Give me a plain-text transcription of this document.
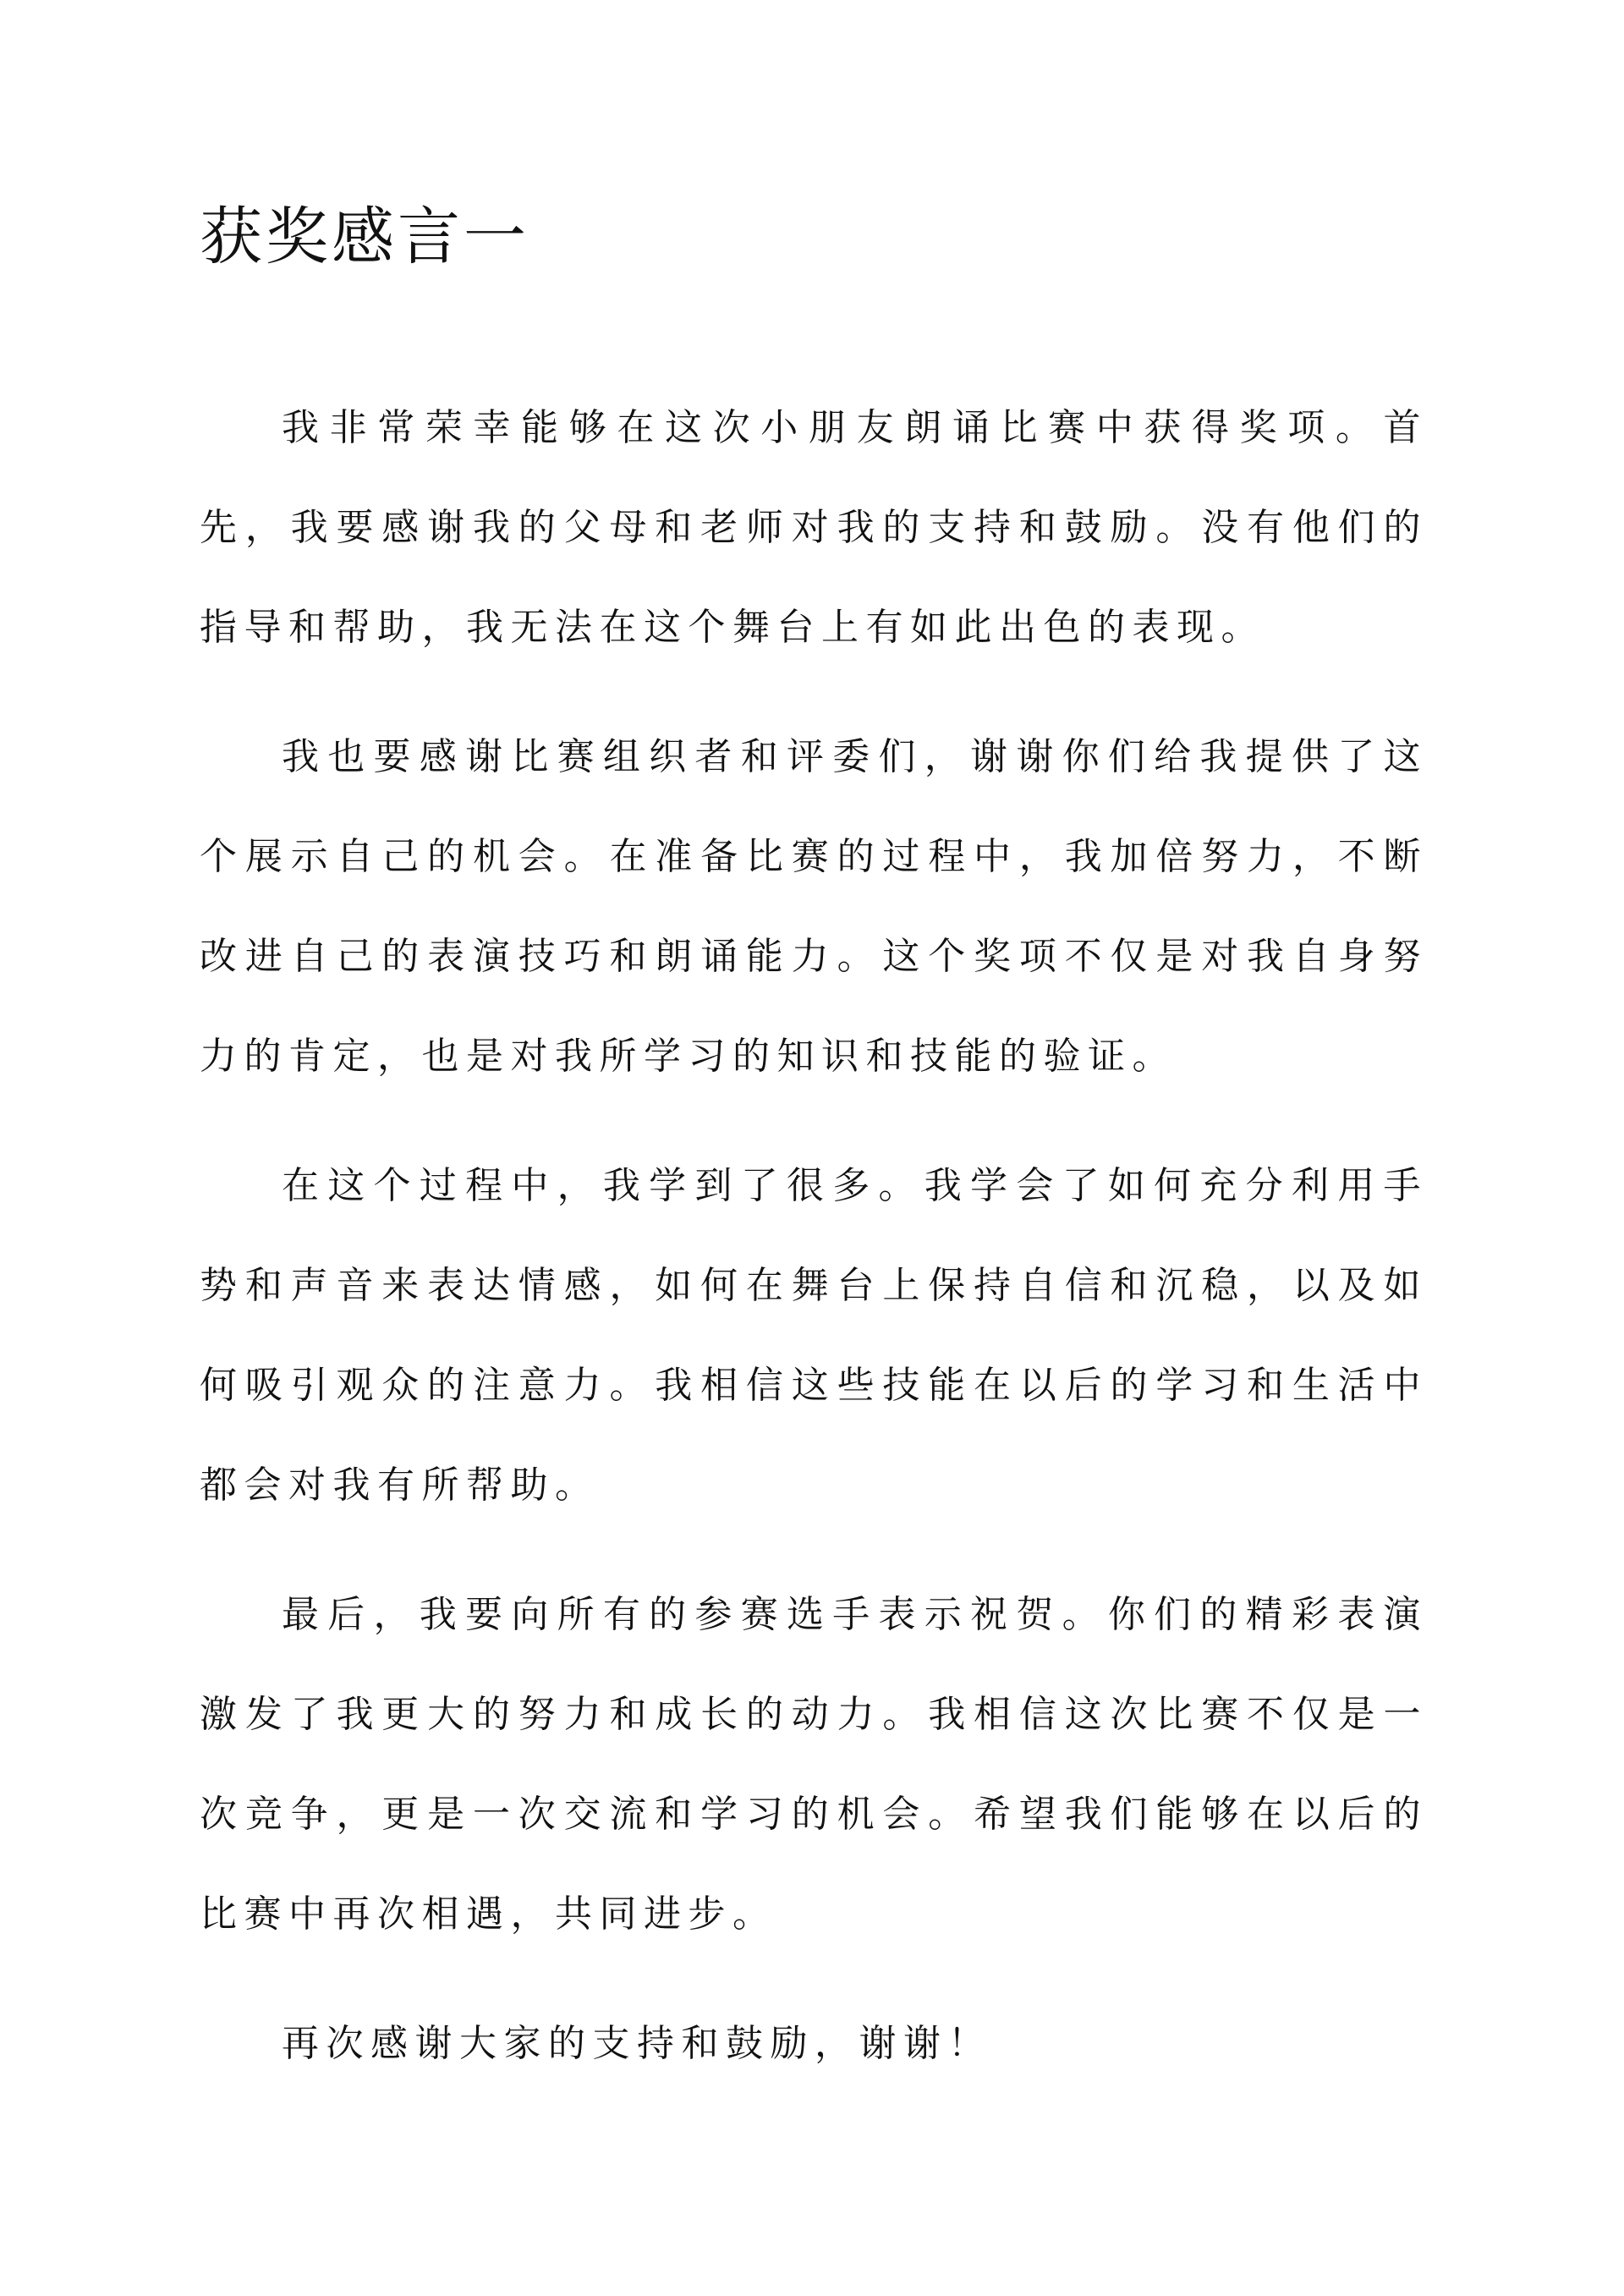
获奖感言一

我非常荣幸能够在这次小朋友朗诵比赛中获得奖项。首先，我要感谢我的父母和老师对我的支持和鼓励。没有他们的指导和帮助，我无法在这个舞台上有如此出色的表现。

我也要感谢比赛组织者和评委们，谢谢你们给我提供了这个展示自己的机会。在准备比赛的过程中，我加倍努力，不断改进自己的表演技巧和朗诵能力。这个奖项不仅是对我自身努力的肯定，也是对我所学习的知识和技能的验证。

在这个过程中，我学到了很多。我学会了如何充分利用手势和声音来表达情感，如何在舞台上保持自信和沉稳，以及如何吸引观众的注意力。我相信这些技能在以后的学习和生活中都会对我有所帮助。

最后，我要向所有的参赛选手表示祝贺。你们的精彩表演激发了我更大的努力和成长的动力。我相信这次比赛不仅是一次竞争，更是一次交流和学习的机会。希望我们能够在以后的比赛中再次相遇，共同进步。

再次感谢大家的支持和鼓励，谢谢！
